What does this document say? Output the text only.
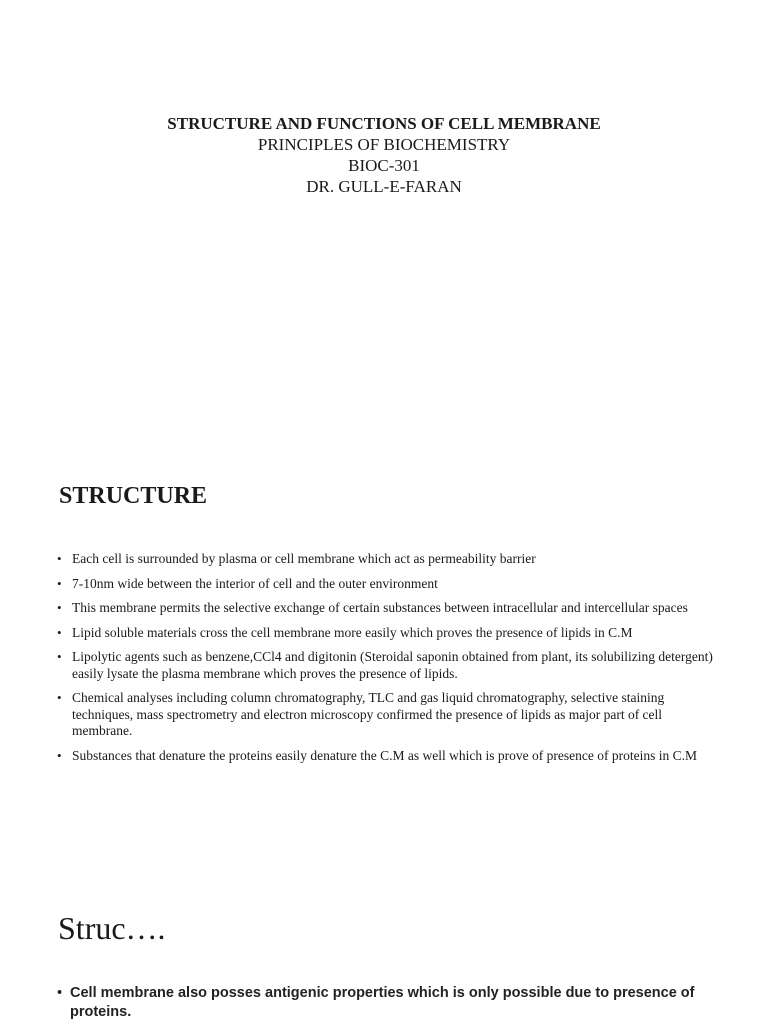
STRUCTURE AND FUNCTIONS OF CELL MEMBRANE

PRINCIPLES OF BIOCHEMISTRY

BIOC-301

DR. GULL-E-FARAN

STRUCTURE
• Each cell is surrounded by plasma or cell membrane which act as permeability barrier
• 7-10nm wide between the interior of cell and the outer environment
• This membrane permits the selective exchange of certain substances between intracellular and intercellular spaces
• Lipid soluble materials cross the cell membrane more easily which proves the presence of lipids in C.M
• Lipolytic agents such as benzene,CCl4 and digitonin (Steroidal saponin obtained from plant, its solubilizing detergent) easily lysate the plasma membrane which proves the presence of lipids.
• Chemical analyses including column chromatography, TLC and gas liquid chromatography, selective staining techniques, mass spectrometry and electron microscopy confirmed the presence of lipids as major part of cell membrane.
• Substances that denature the proteins easily denature the C.M as well which is prove of presence of proteins in C.M
Struc….
• Cell membrane also posses antigenic properties which is only possible due to presence of proteins.
